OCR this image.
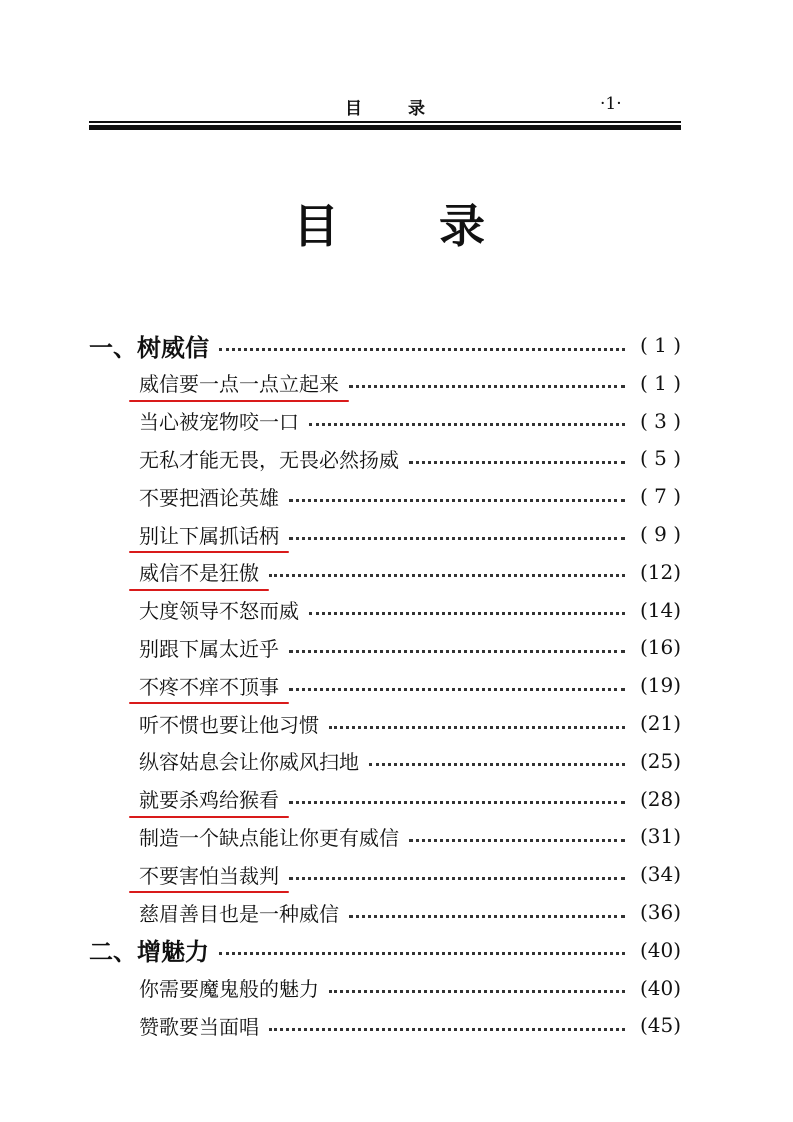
目录	·1·
目录
一、树威信	( 1 )
威信要一点一点立起来	( 1 )
当心被宠物咬一口	( 3 )
无私才能无畏，无畏必然扬威	( 5 )
不要把酒论英雄	( 7 )
别让下属抓话柄	( 9 )
威信不是狂傲	(12)
大度领导不怒而威	(14)
别跟下属太近乎	(16)
不疼不痒不顶事	(19)
听不惯也要让他习惯	(21)
纵容姑息会让你威风扫地	(25)
就要杀鸡给猴看	(28)
制造一个缺点能让你更有威信	(31)
不要害怕当裁判	(34)
慈眉善目也是一种威信	(36)
二、增魅力	(40)
你需要魔鬼般的魅力	(40)
赞歌要当面唱	(45)
